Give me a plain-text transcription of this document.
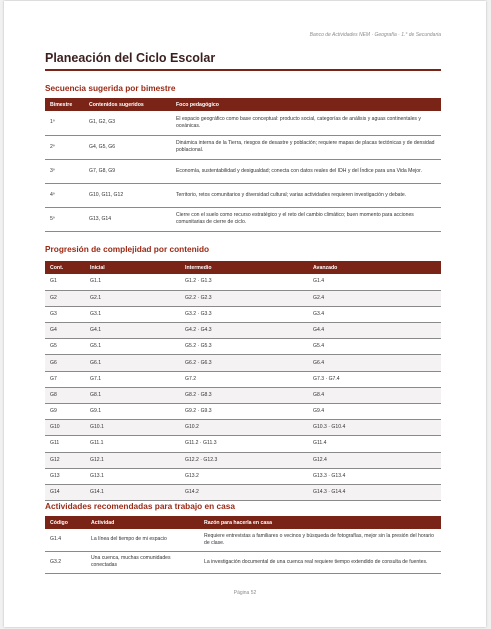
Banco de Actividades NEM · Geografía · 1.° de Secundaria
Planeación del Ciclo Escolar
Secuencia sugerida por bimestre
Bimestre	Contenidos sugeridos	Foco pedagógico
1º	G1, G2, G3	El espacio geográfico como base conceptual: producto social, categorías de análisis y aguas continentales y oceánicas.
2º	G4, G5, G6	Dinámica interna de la Tierra, riesgos de desastre y población; requiere mapas de placas tectónicas y de densidad poblacional.
3º	G7, G8, G9	Economía, sustentabilidad y desigualdad; conecta con datos reales del IDH y del Índice para una Vida Mejor.
4º	G10, G11, G12	Territorio, retos comunitarios y diversidad cultural; varias actividades requieren investigación y debate.
5º	G13, G14	Cierre con el suelo como recurso estratégico y el reto del cambio climático; buen momento para acciones comunitarias de cierre de ciclo.
Progresión de complejidad por contenido
Cont.	Inicial	Intermedio	Avanzado
G1	G1.1	G1.2 · G1.3	G1.4
G2	G2.1	G2.2 · G2.3	G2.4
G3	G3.1	G3.2 · G3.3	G3.4
G4	G4.1	G4.2 · G4.3	G4.4
G5	G5.1	G5.2 · G5.3	G5.4
G6	G6.1	G6.2 · G6.3	G6.4
G7	G7.1	G7.2	G7.3 · G7.4
G8	G8.1	G8.2 · G8.3	G8.4
G9	G9.1	G9.2 · G9.3	G9.4
G10	G10.1	G10.2	G10.3 · G10.4
G11	G11.1	G11.2 · G11.3	G11.4
G12	G12.1	G12.2 · G12.3	G12.4
G13	G13.1	G13.2	G13.3 · G13.4
G14	G14.1	G14.2	G14.3 · G14.4
Actividades recomendadas para trabajo en casa
Código	Actividad	Razón para hacerla en casa
G1.4	La línea del tiempo de mi espacio	Requiere entrevistas a familiares o vecinos y búsqueda de fotografías, mejor sin la presión del horario de clase.
G3.2	Una cuenca, muchas comunidades conectadas	La investigación documental de una cuenca real requiere tiempo extendido de consulta de fuentes.
Página 52
